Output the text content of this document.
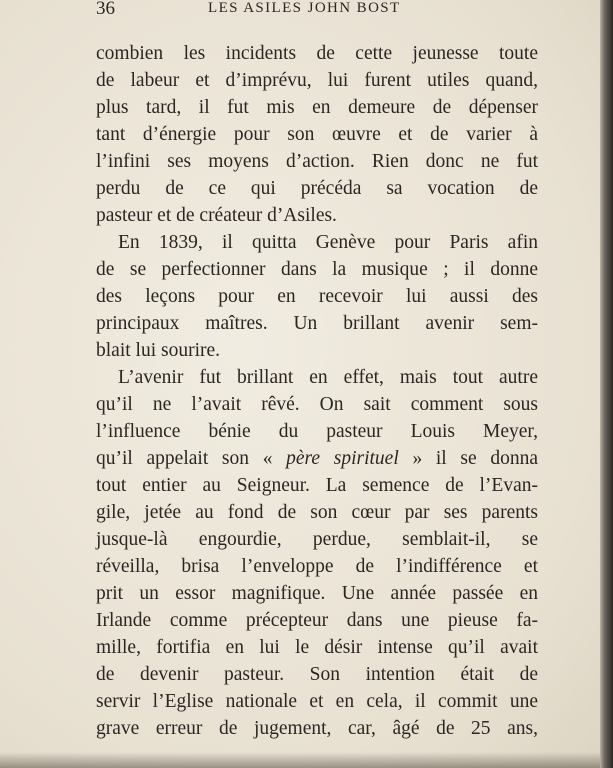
36	LES ASILES JOHN BOST

combien les incidents de cette jeunesse toute
de labeur et d’imprévu, lui furent utiles quand,
plus tard, il fut mis en demeure de dépenser
tant d’énergie pour son œuvre et de varier à
l’infini ses moyens d’action. Rien donc ne fut
perdu de ce qui précéda sa vocation de
pasteur et de créateur d’Asiles.

En 1839, il quitta Genève pour Paris afin
de se perfectionner dans la musique ; il donne
des leçons pour en recevoir lui aussi des
principaux maîtres. Un brillant avenir sem-
blait lui sourire.

L’avenir fut brillant en effet, mais tout autre
qu’il ne l’avait rêvé. On sait comment sous
l’influence bénie du pasteur Louis Meyer,
qu’il appelait son « père spirituel » il se donna
tout entier au Seigneur. La semence de l’Evan-
gile, jetée au fond de son cœur par ses parents
jusque-là engourdie, perdue, semblait-il, se
réveilla, brisa l’enveloppe de l’indifférence et
prit un essor magnifique. Une année passée en
Irlande comme précepteur dans une pieuse fa-
mille, fortifia en lui le désir intense qu’il avait
de devenir pasteur. Son intention était de
servir l’Eglise nationale et en cela, il commit une
grave erreur de jugement, car, âgé de 25 ans,
